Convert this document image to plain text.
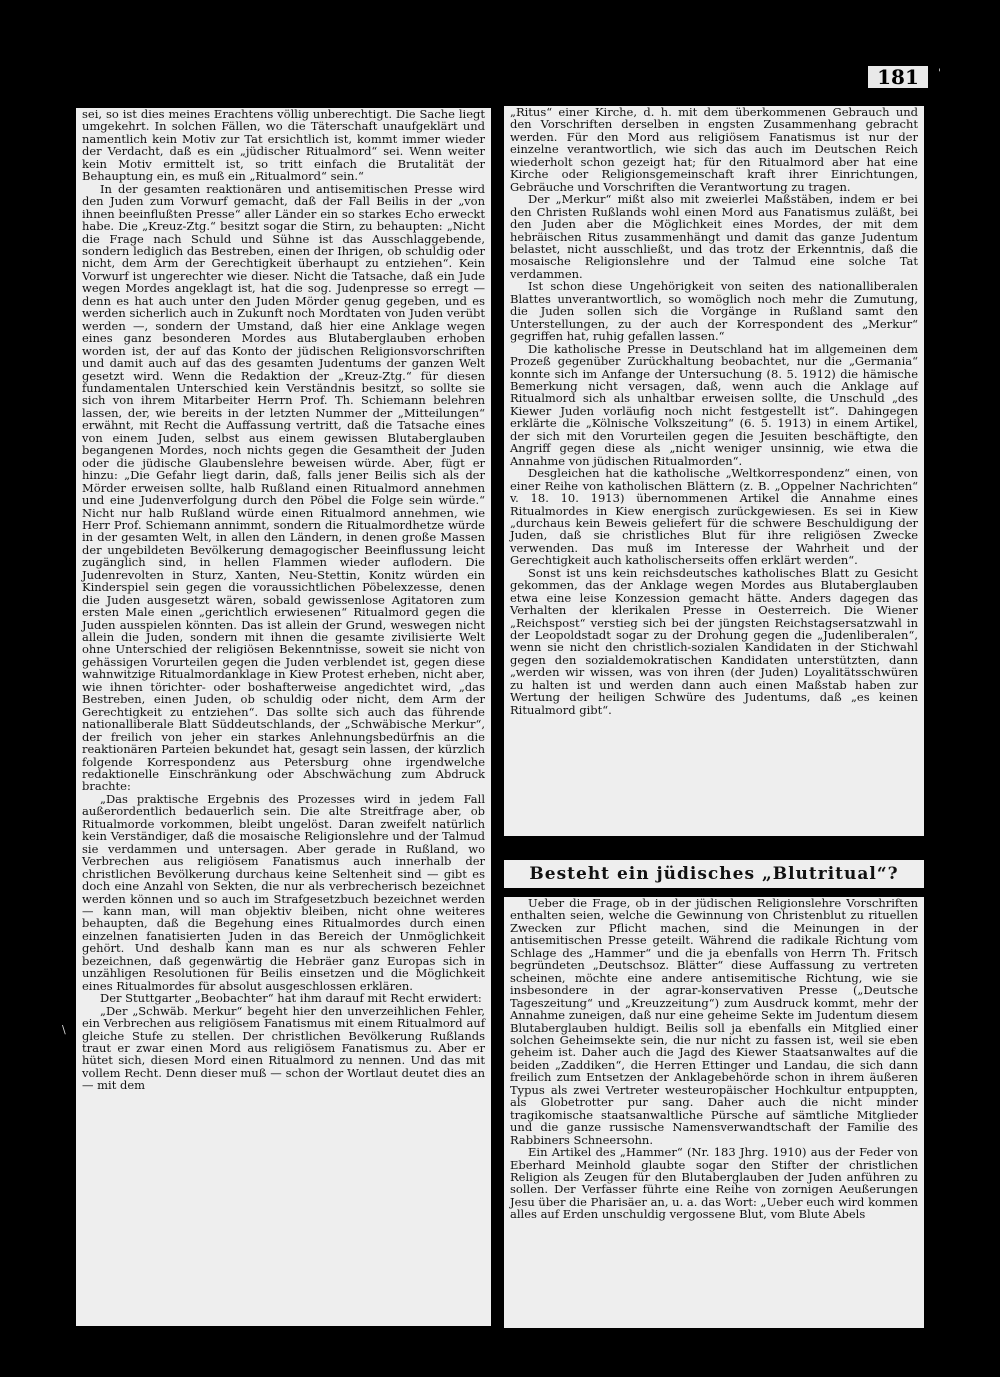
181	'

sei, so ist dies meines Erachtens völlig unberechtigt. Die Sache liegt umgekehrt. In solchen Fällen, wo die Täterschaft unaufgeklärt und namentlich kein Motiv zur Tat ersichtlich ist, kommt immer wieder der Verdacht, daß es ein „jüdischer Ritualmord“ sei. Wenn weiter kein Motiv ermittelt ist, so tritt einfach die Brutalität der Behauptung ein, es muß ein „Ritualmord“ sein.“

In der gesamten reaktionären und antisemitischen Presse wird den Juden zum Vorwurf gemacht, daß der Fall Beilis in der „von ihnen beeinflußten Presse“ aller Länder ein so starkes Echo erweckt habe. Die „Kreuz-Ztg.“ besitzt sogar die Stirn, zu behaupten: „Nicht die Frage nach Schuld und Sühne ist das Ausschlaggebende, sondern lediglich das Bestreben, einen der Ihrigen, ob schuldig oder nicht, dem Arm der Gerechtigkeit überhaupt zu entziehen“. Kein Vorwurf ist ungerechter wie dieser. Nicht die Tatsache, daß ein Jude wegen Mordes angeklagt ist, hat die sog. Judenpresse so erregt — denn es hat auch unter den Juden Mörder genug gegeben, und es werden sicherlich auch in Zukunft noch Mordtaten von Juden verübt werden —, sondern der Umstand, daß hier eine Anklage wegen eines ganz besonderen Mordes aus Blutaberglauben erhoben worden ist, der auf das Konto der jüdischen Religionsvorschriften und damit auch auf das des gesamten Judentums der ganzen Welt gesetzt wird. Wenn die Redaktion der „Kreuz-Ztg.“ für diesen fundamentalen Unterschied kein Verständnis besitzt, so sollte sie sich von ihrem Mitarbeiter Herrn Prof. Th. Schiemann belehren lassen, der, wie bereits in der letzten Nummer der „Mitteilungen“ erwähnt, mit Recht die Auffassung vertritt, daß die Tatsache eines von einem Juden, selbst aus einem gewissen Blutaberglauben begangenen Mordes, noch nichts gegen die Gesamtheit der Juden oder die jüdische Glaubenslehre beweisen würde. Aber, fügt er hinzu: „Die Gefahr liegt darin, daß, falls jener Beilis sich als der Mörder erweisen sollte, halb Rußland einen Ritualmord annehmen und eine Judenverfolgung durch den Pöbel die Folge sein würde.“ Nicht nur halb Rußland würde einen Ritualmord annehmen, wie Herr Prof. Schiemann annimmt, sondern die Ritualmordhetze würde in der gesamten Welt, in allen den Ländern, in denen große Massen der ungebildeten Bevölkerung demagogischer Beeinflussung leicht zugänglich sind, in hellen Flammen wieder auflodern. Die Judenrevolten in Sturz, Xanten, Neu-Stettin, Konitz würden ein Kinderspiel sein gegen die voraussichtlichen Pöbelexzesse, denen die Juden ausgesetzt wären, sobald gewissenlose Agitatoren zum ersten Male einen „gerichtlich erwiesenen“ Ritualmord gegen die Juden ausspielen könnten. Das ist allein der Grund, weswegen nicht allein die Juden, sondern mit ihnen die gesamte zivilisierte Welt ohne Unterschied der religiösen Bekenntnisse, soweit sie nicht von gehässigen Vorurteilen gegen die Juden verblendet ist, gegen diese wahnwitzige Ritualmordanklage in Kiew Protest erheben, nicht aber, wie ihnen törichter- oder boshafterweise angedichtet wird, „das Bestreben, einen Juden, ob schuldig oder nicht, dem Arm der Gerechtigkeit zu entziehen“. Das sollte sich auch das führende nationalliberale Blatt Süddeutschlands, der „Schwäbische Merkur“, der freilich von jeher ein starkes Anlehnungsbedürfnis an die reaktionären Parteien bekundet hat, gesagt sein lassen, der kürzlich folgende Korrespondenz aus Petersburg ohne irgendwelche redaktionelle Einschränkung oder Abschwächung zum Abdruck brachte:

„Das praktische Ergebnis des Prozesses wird in jedem Fall außerordentlich bedauerlich sein. Die alte Streitfrage aber, ob Ritualmorde vorkommen, bleibt ungelöst. Daran zweifelt natürlich kein Verständiger, daß die mosaische Religionslehre und der Talmud sie verdammen und untersagen. Aber gerade in Rußland, wo Verbrechen aus religiösem Fanatismus auch innerhalb der christlichen Bevölkerung durchaus keine Seltenheit sind — gibt es doch eine Anzahl von Sekten, die nur als verbrecherisch bezeichnet werden können und so auch im Strafgesetzbuch bezeichnet werden — kann man, will man objektiv bleiben, nicht ohne weiteres behaupten, daß die Begehung eines Ritualmordes durch einen einzelnen fanatisierten Juden in das Bereich der Unmöglichkeit gehört. Und deshalb kann man es nur als schweren Fehler bezeichnen, daß gegenwärtig die Hebräer ganz Europas sich in unzähligen Resolutionen für Beilis einsetzen und die Möglichkeit eines Ritualmordes für absolut ausgeschlossen erklären.

Der Stuttgarter „Beobachter“ hat ihm darauf mit Recht erwidert:

„Der „Schwäb. Merkur“ begeht hier den unverzeihlichen Fehler, ein Verbrechen aus religiösem Fanatismus mit einem Ritualmord auf gleiche Stufe zu stellen. Der christlichen Bevölkerung Rußlands traut er zwar einen Mord aus religiösem Fanatismus zu. Aber er hütet sich, diesen Mord einen Ritualmord zu nennen. Und das mit vollem Recht. Denn dieser muß — schon der Wortlaut deutet dies an — mit dem

\

„Ritus“ einer Kirche, d. h. mit dem überkommenen Gebrauch und den Vorschriften derselben in engsten Zusammenhang gebracht werden. Für den Mord aus religiösem Fanatismus ist nur der einzelne verantwortlich, wie sich das auch im Deutschen Reich wiederholt schon gezeigt hat; für den Ritualmord aber hat eine Kirche oder Religionsgemeinschaft kraft ihrer Einrichtungen, Gebräuche und Vorschriften die Verantwortung zu tragen.

Der „Merkur“ mißt also mit zweierlei Maßstäben, indem er bei den Christen Rußlands wohl einen Mord aus Fanatismus zuläßt, bei den Juden aber die Möglichkeit eines Mordes, der mit dem hebräischen Ritus zusammenhängt und damit das ganze Judentum belastet, nicht ausschließt, und das trotz der Erkenntnis, daß die mosaische Religionslehre und der Talmud eine solche Tat verdammen.

Ist schon diese Ungehörigkeit von seiten des nationalliberalen Blattes unverantwortlich, so womöglich noch mehr die Zumutung, die Juden sollen sich die Vorgänge in Rußland samt den Unterstellungen, zu der auch der Korrespondent des „Merkur“ gegriffen hat, ruhig gefallen lassen.“

Die katholische Presse in Deutschland hat im allgemeinen dem Prozeß gegenüber Zurückhaltung beobachtet, nur die „Germania“ konnte sich im Anfange der Untersuchung (8. 5. 1912) die hämische Bemerkung nicht versagen, daß, wenn auch die Anklage auf Ritualmord sich als unhaltbar erweisen sollte, die Unschuld „des Kiewer Juden vorläufig noch nicht festgestellt ist“. Dahingegen erklärte die „Kölnische Volkszeitung“ (6. 5. 1913) in einem Artikel, der sich mit den Vorurteilen gegen die Jesuiten beschäftigte, den Angriff gegen diese als „nicht weniger unsinnig, wie etwa die Annahme von jüdischen Ritualmorden“.

Desgleichen hat die katholische „Weltkorrespondenz“ einen, von einer Reihe von katholischen Blättern (z. B. „Oppelner Nachrichten“ v. 18. 10. 1913) übernommenen Artikel die Annahme eines Ritualmordes in Kiew energisch zurückgewiesen. Es sei in Kiew „durchaus kein Beweis geliefert für die schwere Beschuldigung der Juden, daß sie christliches Blut für ihre religiösen Zwecke verwenden. Das muß im Interesse der Wahrheit und der Gerechtigkeit auch katholischerseits offen erklärt werden“.

Sonst ist uns kein reichsdeutsches katholisches Blatt zu Gesicht gekommen, das der Anklage wegen Mordes aus Blutaberglauben etwa eine leise Konzession gemacht hätte. Anders dagegen das Verhalten der klerikalen Presse in Oesterreich. Die Wiener „Reichspost“ verstieg sich bei der jüngsten Reichstagsersatzwahl in der Leopoldstadt sogar zu der Drohung gegen die „Judenliberalen“, wenn sie nicht den christlich-sozialen Kandidaten in der Stichwahl gegen den sozialdemokratischen Kandidaten unterstützten, dann „werden wir wissen, was von ihren (der Juden) Loyalitätsschwüren zu halten ist und werden dann auch einen Maßstab haben zur Wertung der heiligen Schwüre des Judentums, daß „es keinen Ritualmord gibt“.

Besteht ein jüdisches „Blutritual“?

Ueber die Frage, ob in der jüdischen Religionslehre Vorschriften enthalten seien, welche die Gewinnung von Christenblut zu rituellen Zwecken zur Pflicht machen, sind die Meinungen in der antisemitischen Presse geteilt. Während die radikale Richtung vom Schlage des „Hammer“ und die ja ebenfalls von Herrn Th. Fritsch begründeten „Deutschsoz. Blätter“ diese Auffassung zu vertreten scheinen, möchte eine andere antisemitische Richtung, wie sie insbesondere in der agrar-konservativen Presse („Deutsche Tageszeitung“ und „Kreuzzeitung“) zum Ausdruck kommt, mehr der Annahme zuneigen, daß nur eine geheime Sekte im Judentum diesem Blutaberglauben huldigt. Beilis soll ja ebenfalls ein Mitglied einer solchen Geheimsekte sein, die nur nicht zu fassen ist, weil sie eben geheim ist. Daher auch die Jagd des Kiewer Staatsanwaltes auf die beiden „Zaddiken“, die Herren Ettinger und Landau, die sich dann freilich zum Entsetzen der Anklagebehörde schon in ihrem äußeren Typus als zwei Vertreter westeuropäischer Hochkultur entpuppten, als Globetrotter pur sang. Daher auch die nicht minder tragikomische staatsanwaltliche Pürsche auf sämtliche Mitglieder und die ganze russische Namensverwandtschaft der Familie des Rabbiners Schneersohn.

Ein Artikel des „Hammer“ (Nr. 183 Jhrg. 1910) aus der Feder von Eberhard Meinhold glaubte sogar den Stifter der christlichen Religion als Zeugen für den Blutaberglauben der Juden anführen zu sollen. Der Verfasser führte eine Reihe von zornigen Aeußerungen Jesu über die Pharisäer an, u. a. das Wort: „Ueber euch wird kommen alles auf Erden unschuldig vergossene Blut, vom Blute Abels
